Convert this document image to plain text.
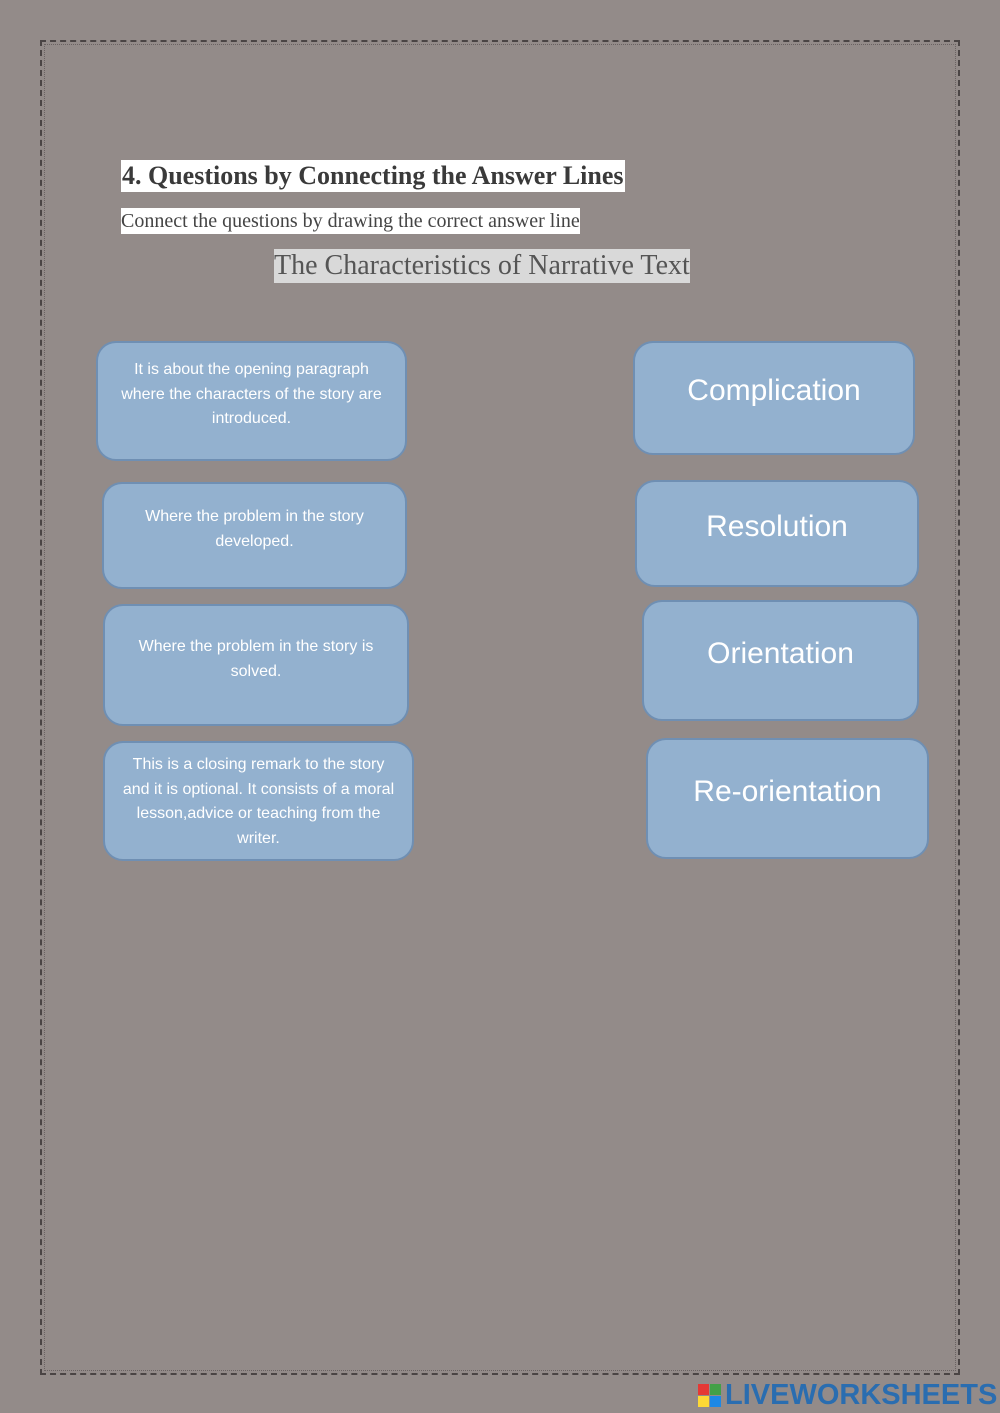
4. Questions by Connecting the Answer Lines
Connect the questions by drawing the correct answer line
The Characteristics of Narrative Text
It is about the opening paragraph where the characters of the story are introduced.
Where the problem in the story developed.
Where the problem in the story is solved.
This is a closing remark to the story and it is optional. It consists of a moral lesson,advice or teaching from the writer.
Complication
Resolution
Orientation
Re-orientation
LIVEWORKSHEETS
